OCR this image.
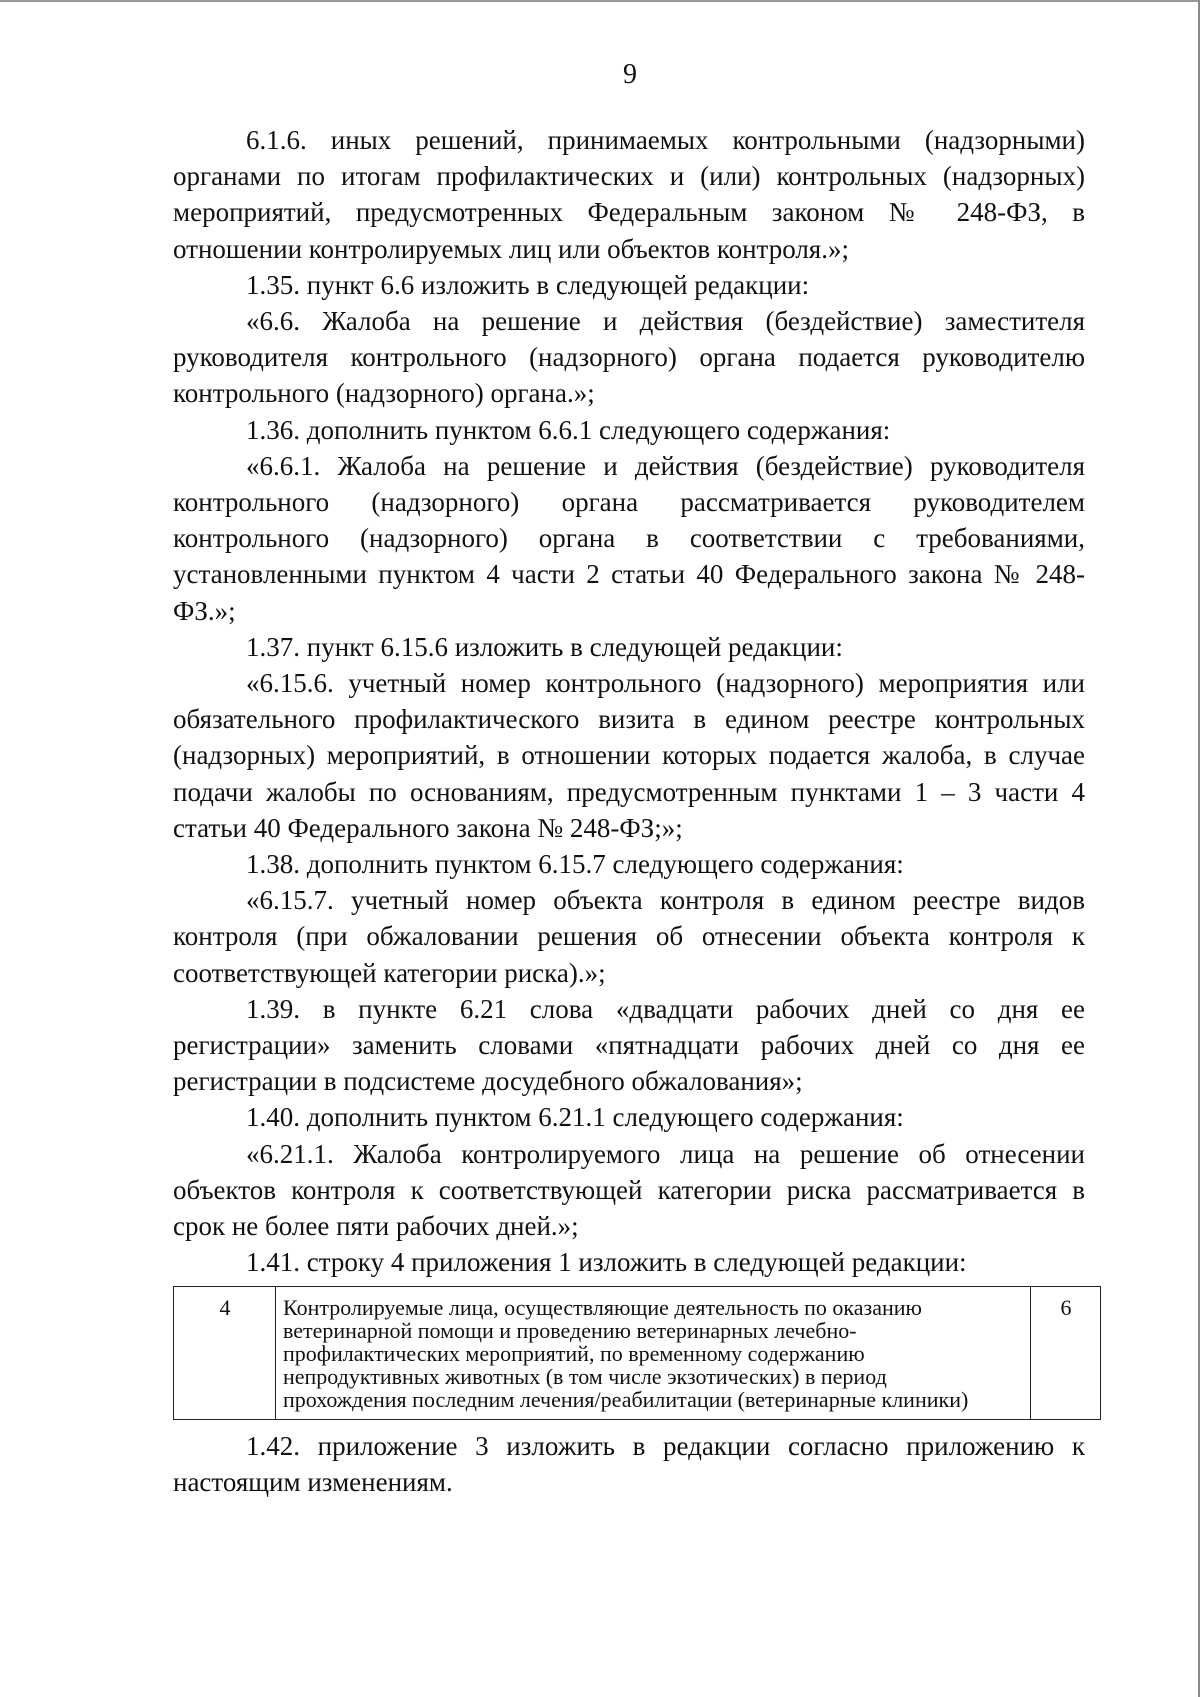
9

6.1.6. иных решений, принимаемых контрольными (надзорными) органами по итогам профилактических и (или) контрольных (надзорных) мероприятий, предусмотренных Федеральным законом № 248-ФЗ, в отношении контролируемых лиц или объектов контроля.»;

1.35. пункт 6.6 изложить в следующей редакции:

«6.6. Жалоба на решение и действия (бездействие) заместителя руководителя контрольного (надзорного) органа подается руководителю контрольного (надзорного) органа.»;

1.36. дополнить пунктом 6.6.1 следующего содержания:

«6.6.1. Жалоба на решение и действия (бездействие) руководителя контрольного (надзорного) органа рассматривается руководителем контрольного (надзорного) органа в соответствии с требованиями, установленными пунктом 4 части 2 статьи 40 Федерального закона № 248-ФЗ.»;

1.37. пункт 6.15.6 изложить в следующей редакции:

«6.15.6. учетный номер контрольного (надзорного) мероприятия или обязательного профилактического визита в едином реестре контрольных (надзорных) мероприятий, в отношении которых подается жалоба, в случае подачи жалобы по основаниям, предусмотренным пунктами 1 – 3 части 4 статьи 40 Федерального закона № 248-ФЗ;»;

1.38. дополнить пунктом 6.15.7 следующего содержания:

«6.15.7. учетный номер объекта контроля в едином реестре видов контроля (при обжаловании решения об отнесении объекта контроля к соответствующей категории риска).»;

1.39. в пункте 6.21 слова «двадцати рабочих дней со дня ее регистрации» заменить словами «пятнадцати рабочих дней со дня ее регистрации в подсистеме досудебного обжалования»;

1.40. дополнить пунктом 6.21.1 следующего содержания:

«6.21.1. Жалоба контролируемого лица на решение об отнесении объектов контроля к соответствующей категории риска рассматривается в срок не более пяти рабочих дней.»;

1.41. строку 4 приложения 1 изложить в следующей редакции:

4	Контролируемые лица, осуществляющие деятельность по оказанию ветеринарной помощи и проведению ветеринарных лечебно-профилактических мероприятий, по временному содержанию непродуктивных животных (в том числе экзотических) в период прохождения последним лечения/реабилитации (ветеринарные клиники)	6

1.42. приложение 3 изложить в редакции согласно приложению к настоящим изменениям.
